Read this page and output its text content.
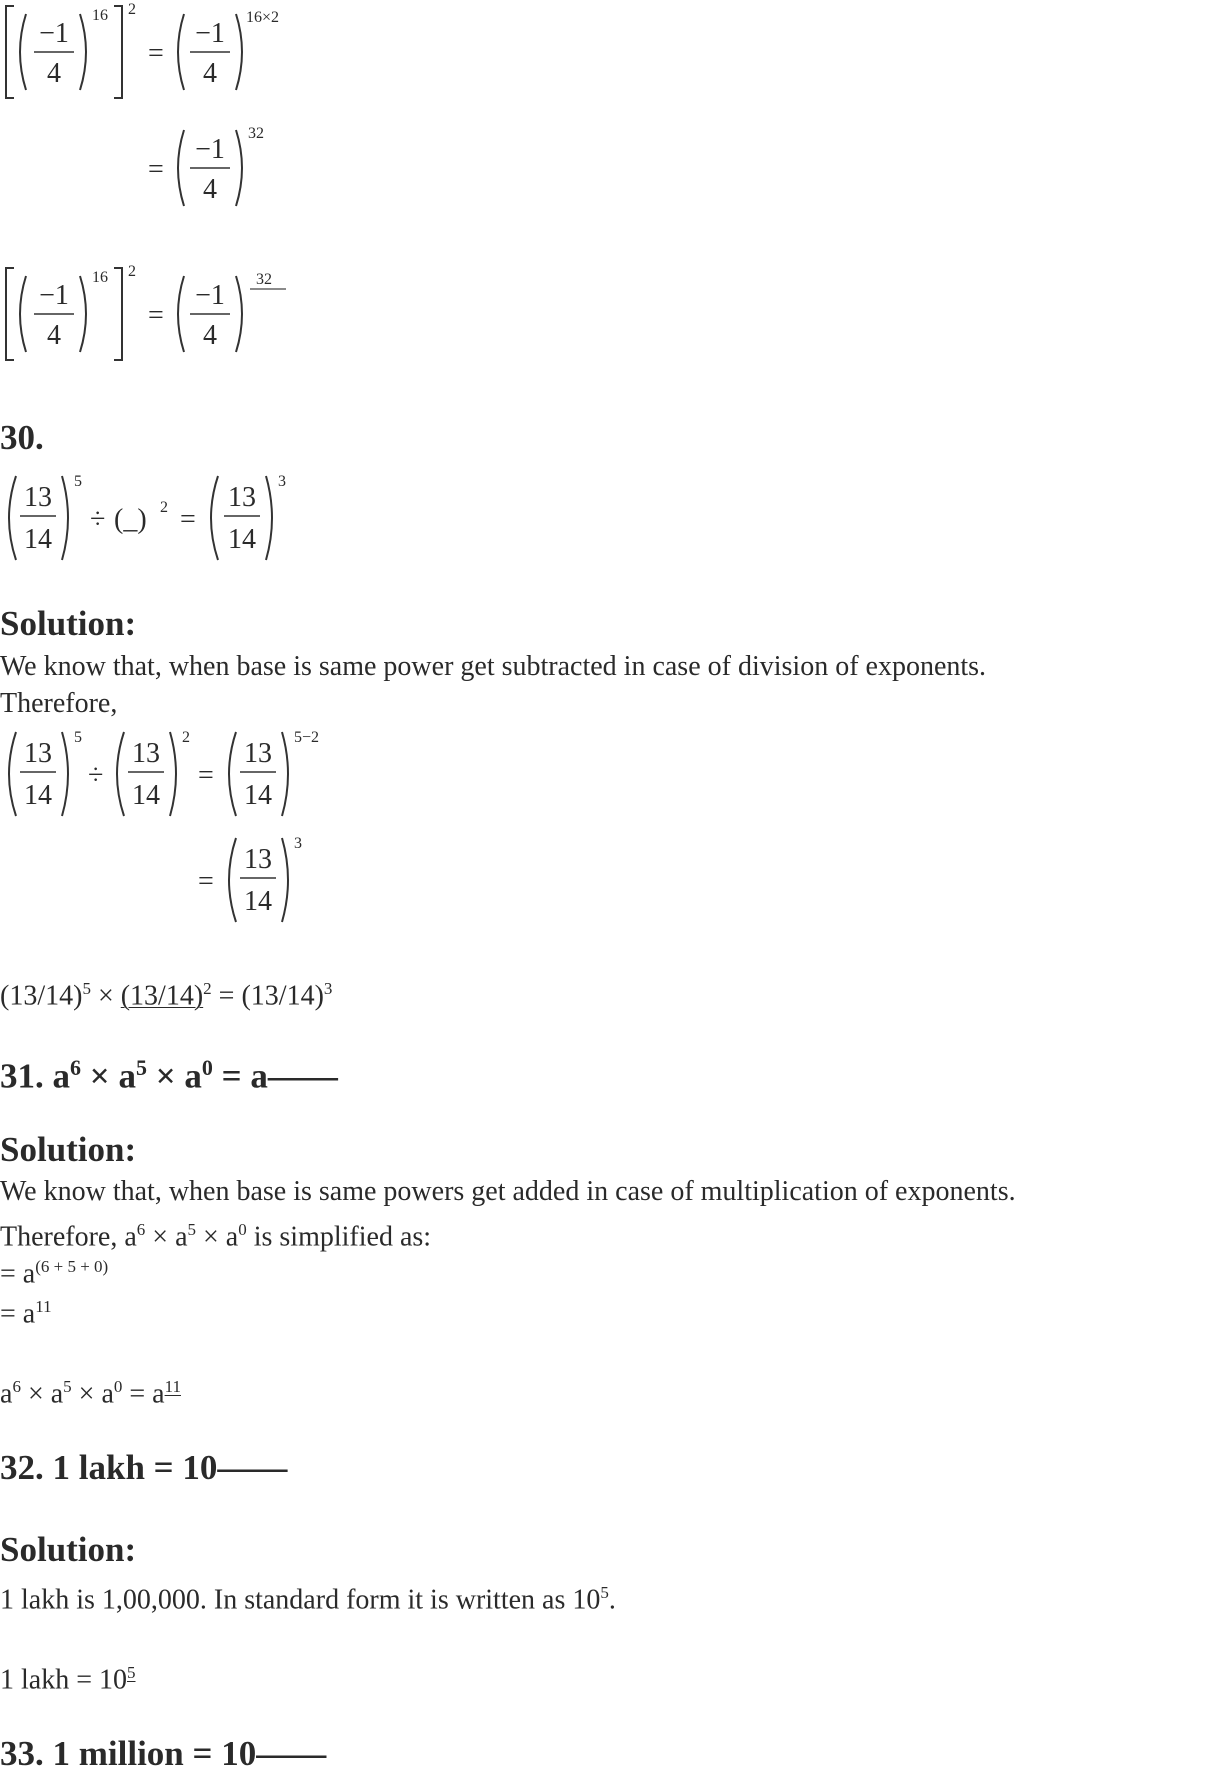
−1
4
16 2
=
−1
4
16×2
=
−1
4
32
−1
4
16 2
=
−1
4
32
30.
13
14
5
÷ (_) 2 =
13
14
3
Solution:
We know that, when base is same power get subtracted in case of division of exponents.
Therefore,
13
14
5
÷
13
14
2
=
13
14
5−2
=
13
14
3
$(13/14)^5 \times (13/14)^2 = (13/14)^3$
31. $a^6 \times a^5 \times a^0$ = a——
Solution:
We know that, when base is same powers get added in case of multiplication of exponents.
Therefore, $a^6 \times a^5 \times a^0$ is simplified as:
= $a^{(6 + 5 + 0)}$
= $a^{11}$
$a^6 \times a^5 \times a^0 = a^{11}$
32. 1 lakh = 10——
Solution:
1 lakh is 1,00,000. In standard form it is written as $10^5$.
1 lakh = $10^5$
33. 1 million = 10——
